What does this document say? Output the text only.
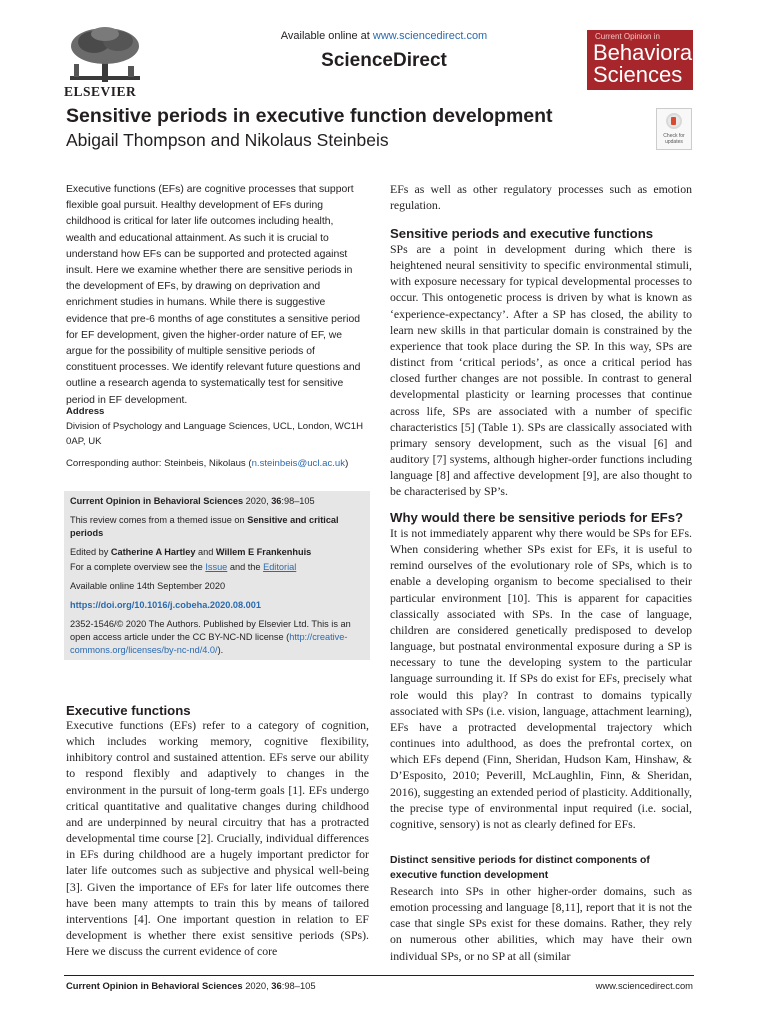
ELSEVIER
Available online at www.sciencedirect.com
ScienceDirect
Current Opinion in
Behavioral
Sciences
Check for updates
Sensitive periods in executive function development
Abigail Thompson and Nikolaus Steinbeis
Executive functions (EFs) are cognitive processes that support flexible goal pursuit. Healthy development of EFs during childhood is critical for later life outcomes including health, wealth and educational attainment. As such it is crucial to understand how EFs can be supported and protected against insult. Here we examine whether there are sensitive periods in the development of EFs, by drawing on deprivation and enrichment studies in humans. While there is suggestive evidence that pre-6 months of age constitutes a sensitive period for EF development, given the higher-order nature of EF, we argue for the possibility of multiple sensitive periods of constituent processes. We identify relevant future questions and outline a research agenda to systematically test for sensitive period in EF development.
Address
Division of Psychology and Language Sciences, UCL, London, WC1H 0AP, UK
Corresponding author: Steinbeis, Nikolaus (n.steinbeis@ucl.ac.uk)
Current Opinion in Behavioral Sciences 2020, 36:98–105
This review comes from a themed issue on Sensitive and critical periods
Edited by Catherine A Hartley and Willem E Frankenhuis
For a complete overview see the Issue and the Editorial
Available online 14th September 2020
https://doi.org/10.1016/j.cobeha.2020.08.001
2352-1546/© 2020 The Authors. Published by Elsevier Ltd. This is an open access article under the CC BY-NC-ND license (http://creative-commons.org/licenses/by-nc-nd/4.0/).
Executive functions
Executive functions (EFs) refer to a category of cognition, which includes working memory, cognitive flexibility, inhibitory control and sustained attention. EFs serve our ability to respond flexibly and adaptively to changes in the environment in the pursuit of long-term goals [1]. EFs undergo critical quantitative and qualitative changes during childhood and are underpinned by neural circuitry that has a protracted developmental time course [2]. Crucially, individual differences in EFs during childhood are a hugely important predictor for later life outcomes such as subjective and physical well-being [3]. Given the importance of EFs for later life outcomes there have been many attempts to train this by means of tailored interventions [4]. One important question in relation to EF development is whether there exist sensitive periods (SPs). Here we discuss the current evidence of core
EFs as well as other regulatory processes such as emotion regulation.
Sensitive periods and executive functions
SPs are a point in development during which there is heightened neural sensitivity to specific environmental stimuli, with exposure necessary for typical developmental processes to occur. This ontogenetic process is driven by what is known as ‘experience-expectancy’. After a SP has closed, the ability to learn new skills in that particular domain is constrained by the experience that took place during the SP. In this way, SPs are distinct from ‘critical periods’, as once a critical period has closed further changes are not possible. In contrast to general developmental plasticity or learning processes that continue across life, SPs are associated with a number of specific characteristics [5] (Table 1). SPs are classically associated with primary sensory development, such as the visual [6] and auditory [7] systems, although higher-order functions including language [8] and affective development [9], are also thought to be characterised by SP’s.
Why would there be sensitive periods for EFs?
It is not immediately apparent why there would be SPs for EFs. When considering whether SPs exist for EFs, it is useful to remind ourselves of the evolutionary role of SPs, which is to enable a developing organism to become specialised to their particular environment [10]. This is apparent for capacities classically associated with SPs. In the case of language, children are considered genetically predisposed to develop language, but postnatal environmental exposure during a SP is necessary to tune the developing system to the particular language surrounding it. If SPs do exist for EFs, precisely what role would this play? In contrast to domains typically associated with SPs (i.e. vision, language, attachment learning), EFs have a protracted developmental trajectory which continues into adulthood, as does the prefrontal cortex, on which EFs depend (Finn, Sheridan, Hudson Kam, Hinshaw, & D’Esposito, 2010; Peverill, McLaughlin, Finn, & Sheridan, 2016), suggesting an extended period of plasticity. Additionally, the precise type of environmental input required (i.e. social, cognitive, sensory) is not as clearly defined for EFs.
Distinct sensitive periods for distinct components of executive function development
Research into SPs in other higher-order domains, such as emotion processing and language [8,11], report that it is not the case that single SPs exist for these domains. Rather, they rely on numerous other abilities, which may have their own individual SPs, or no SP at all (similar
Current Opinion in Behavioral Sciences 2020, 36:98–105	www.sciencedirect.com
